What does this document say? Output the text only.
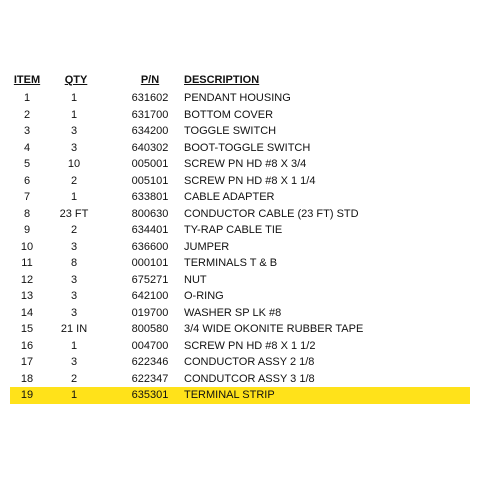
ITEM	QTY	P/N	DESCRIPTION
1	1	631602	PENDANT HOUSING
2	1	631700	BOTTOM COVER
3	3	634200	TOGGLE SWITCH
4	3	640302	BOOT-TOGGLE SWITCH
5	10	005001	SCREW PN HD #8 X 3/4
6	2	005101	SCREW PN HD #8 X 1 1/4
7	1	633801	CABLE ADAPTER
8	23 FT	800630	CONDUCTOR CABLE (23 FT) STD
9	2	634401	TY-RAP CABLE TIE
10	3	636600	JUMPER
11	8	000101	TERMINALS T & B
12	3	675271	NUT
13	3	642100	O-RING
14	3	019700	WASHER SP LK #8
15	21 IN	800580	3/4 WIDE OKONITE RUBBER TAPE
16	1	004700	SCREW PN HD #8 X 1 1/2
17	3	622346	CONDUCTOR ASSY 2 1/8
18	2	622347	CONDUTCOR ASSY 3 1/8
19	1	635301	TERMINAL STRIP
